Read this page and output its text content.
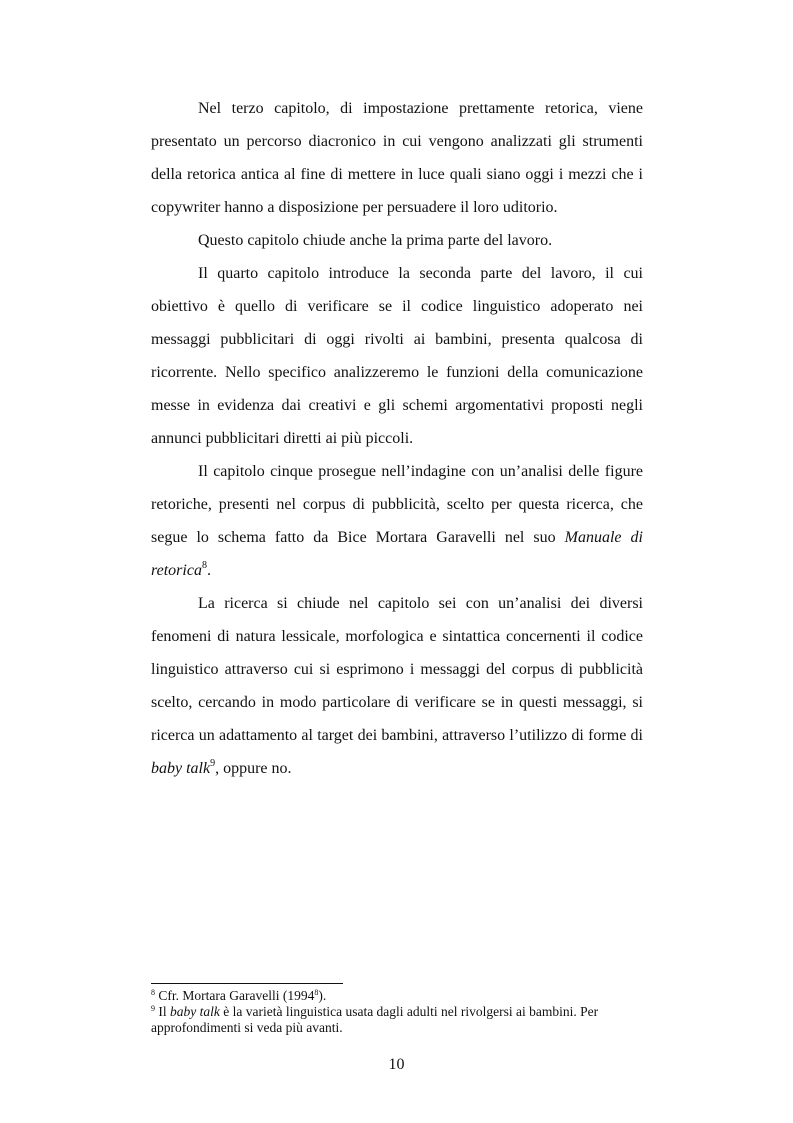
Nel terzo capitolo, di impostazione prettamente retorica, viene presentato un percorso diacronico in cui vengono analizzati gli strumenti della retorica antica al fine di mettere in luce quali siano oggi i mezzi che i copywriter hanno a disposizione per persuadere il loro uditorio.

Questo capitolo chiude anche la prima parte del lavoro.

Il quarto capitolo introduce la seconda parte del lavoro, il cui obiettivo è quello di verificare se il codice linguistico adoperato nei messaggi pubblicitari di oggi rivolti ai bambini, presenta qualcosa di ricorrente. Nello specifico analizzeremo le funzioni della comunicazione messe in evidenza dai creativi e gli schemi argomentativi proposti negli annunci pubblicitari diretti ai più piccoli.

Il capitolo cinque prosegue nell’indagine con un’analisi delle figure retoriche, presenti nel corpus di pubblicità, scelto per questa ricerca, che segue lo schema fatto da Bice Mortara Garavelli nel suo Manuale di retorica$^8$.

La ricerca si chiude nel capitolo sei con un’analisi dei diversi fenomeni di natura lessicale, morfologica e sintattica concernenti il codice linguistico attraverso cui si esprimono i messaggi del corpus di pubblicità scelto, cercando in modo particolare di verificare se in questi messaggi, si ricerca un adattamento al target dei bambini, attraverso l’utilizzo di forme di baby talk$^9$, oppure no.

$^8$ Cfr. Mortara Garavelli (1994$^8$).

$^9$ Il baby talk è la varietà linguistica usata dagli adulti nel rivolgersi ai bambini. Per approfondimenti si veda più avanti.

10
